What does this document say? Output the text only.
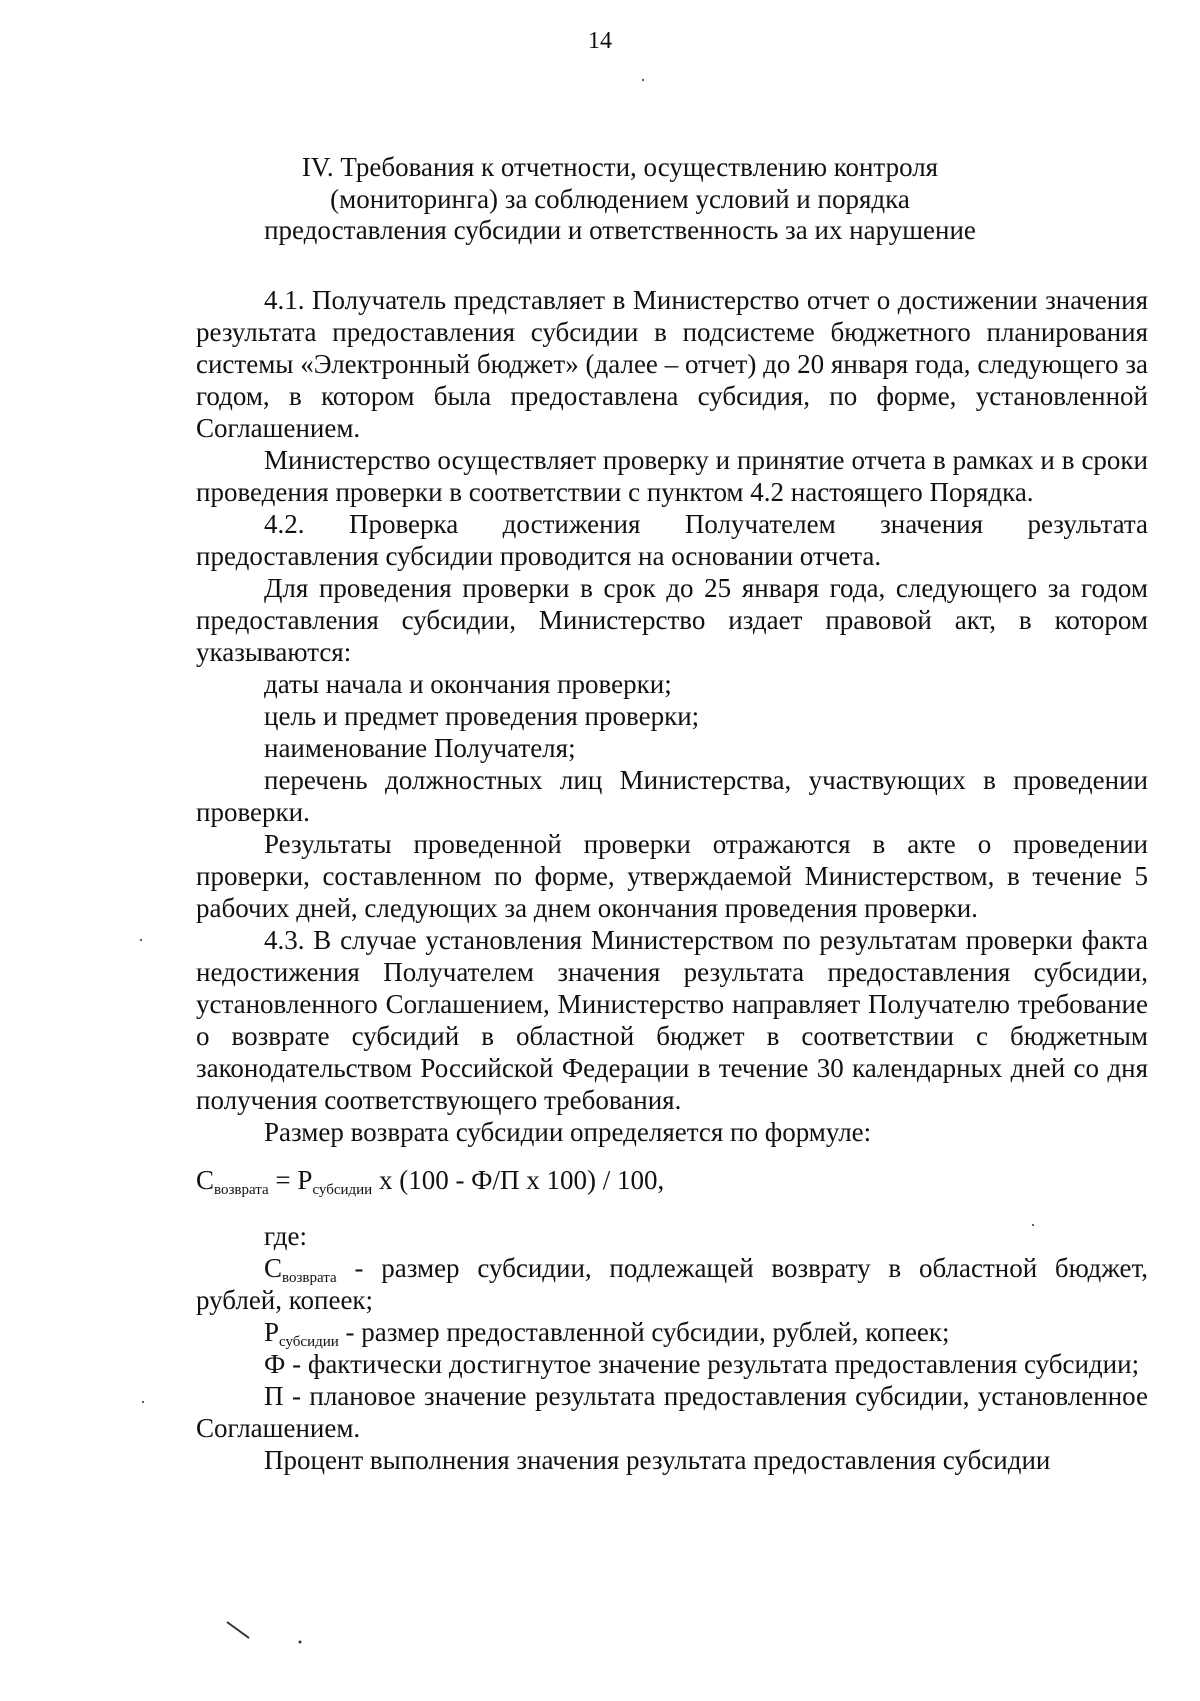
14
IV. Требования к отчетности, осуществлению контроля
(мониторинга) за соблюдением условий и порядка
предоставления субсидии и ответственность за их нарушение

4.1. Получатель представляет в Министерство отчет о достижении значения результата предоставления субсидии в подсистеме бюджетного планирования системы «Электронный бюджет» (далее – отчет) до 20 января года, следующего за годом, в котором была предоставлена субсидия, по форме, установленной Соглашением.

Министерство осуществляет проверку и принятие отчета в рамках и в сроки проведения проверки в соответствии с пунктом 4.2 настоящего Порядка.

4.2. Проверка достижения Получателем значения результата предоставления субсидии проводится на основании отчета.

Для проведения проверки в срок до 25 января года, следующего за годом предоставления субсидии, Министерство издает правовой акт, в котором указываются:

даты начала и окончания проверки;

цель и предмет проведения проверки;

наименование Получателя;

перечень должностных лиц Министерства, участвующих в проведении проверки.

Результаты проведенной проверки отражаются в акте о проведении проверки, составленном по форме, утверждаемой Министерством, в течение 5 рабочих дней, следующих за днем окончания проведения проверки.

4.3. В случае установления Министерством по результатам проверки факта недостижения Получателем значения результата предоставления субсидии, установленного Соглашением, Министерство направляет Получателю требование о возврате субсидий в областной бюджет в соответствии с бюджетным законодательством Российской Федерации в течение 30 календарных дней со дня получения соответствующего требования.

Размер возврата субсидии определяется по формуле:

$С_{возврата} = Р_{субсидии}$ х (100 - Ф/П х 100) / 100,

где:

$С_{возврата}$ - размер субсидии, подлежащей возврату в областной бюджет, рублей, копеек;

$Р_{субсидии}$ - размер предоставленной субсидии, рублей, копеек;

Ф - фактически достигнутое значение результата предоставления субсидии;

П - плановое значение результата предоставления субсидии, установленное Соглашением.

Процент выполнения значения результата предоставления субсидии

·
·
·
·
